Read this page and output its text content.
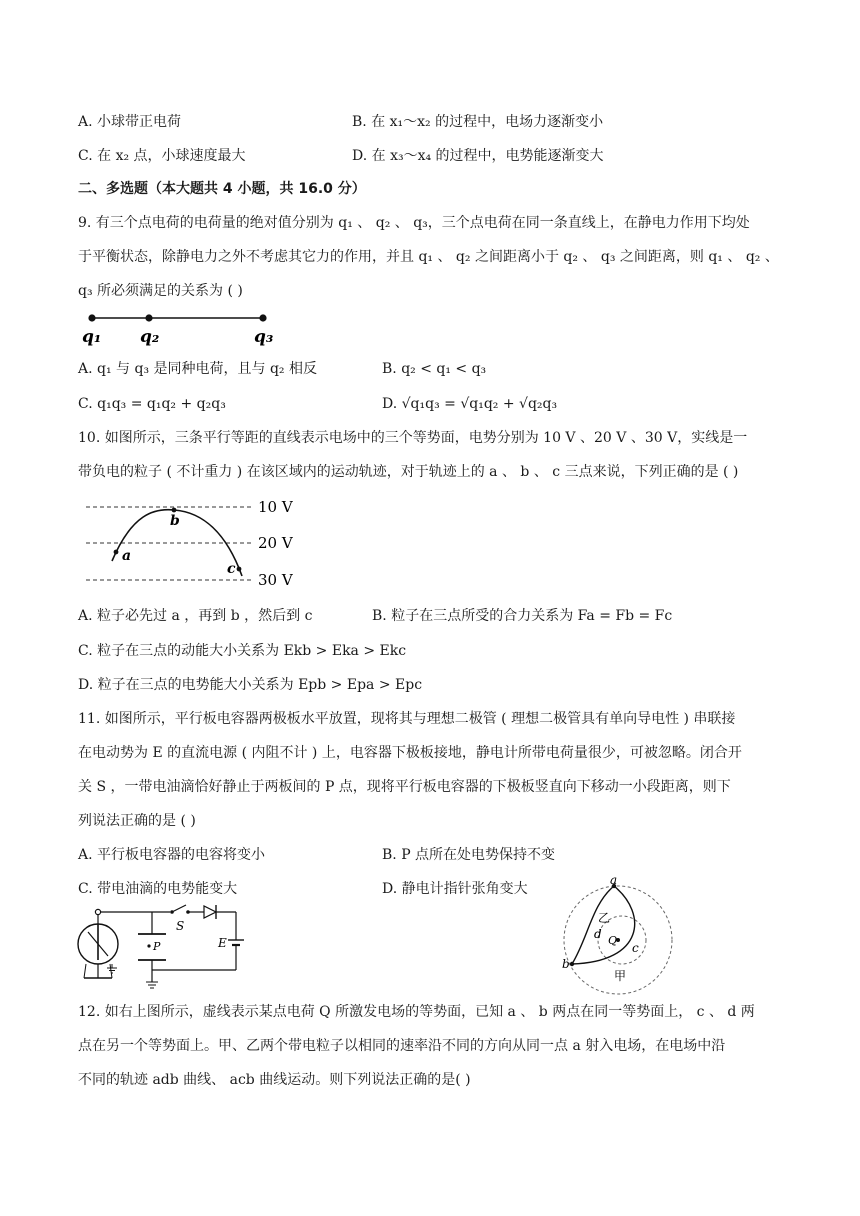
A. 小球带正电荷	B. 在 x₁～x₂ 的过程中，电场力逐渐变小
C. 在 x₂ 点，小球速度最大	D. 在 x₃～x₄ 的过程中，电势能逐渐变大
二、多选题（本大题共 4 小题，共 16.0 分）
9. 有三个点电荷的电荷量的绝对值分别为 q₁ 、 q₂ 、 q₃，三个点电荷在同一条直线上，在静电力作用下均处
于平衡状态，除静电力之外不考虑其它力的作用，并且 q₁ 、 q₂ 之间距离小于 q₂ 、 q₃ 之间距离，则 q₁ 、 q₂ 、
q₃ 所必须满足的关系为 ( )
q₁ q₂	q₃
A. q₁ 与 q₃ 是同种电荷，且与 q₂ 相反	B. q₂ < q₁ < q₃
C. q₁q₃ = q₁q₂ + q₂q₃	D. √q₁q₃ = √q₁q₂ + √q₂q₃
10. 如图所示，三条平行等距的直线表示电场中的三个等势面，电势分别为 10 V 、20 V 、30 V，实线是一
带负电的粒子 ( 不计重力 ) 在该区域内的运动轨迹，对于轨迹上的 a 、 b 、 c 三点来说，下列正确的是 ( )
a
b
c
10 V
20 V
30 V
A. 粒子必先过 a ，再到 b ，然后到 c	B. 粒子在三点所受的合力关系为 Fa = Fb = Fc
C. 粒子在三点的动能大小关系为 Ekb > Eka > Ekc
D. 粒子在三点的电势能大小关系为 Epb > Epa > Epc
11. 如图所示，平行板电容器两极板水平放置，现将其与理想二极管 ( 理想二极管具有单向导电性 ) 串联接
在电动势为 E 的直流电源 ( 内阻不计 ) 上，电容器下极板接地，静电计所带电荷量很少，可被忽略。闭合开
关 S ，一带电油滴恰好静止于两板间的 P 点，现将平行板电容器的下极板竖直向下移动一小段距离，则下
列说法正确的是 ( )
A. 平行板电容器的电容将变小	B. P 点所在处电势保持不变
C. 带电油滴的电势能变大	D. 静电计指针张角变大
S
E
P
a
b
c
d Q
乙
甲
12. 如右上图所示，虚线表示某点电荷 Q 所激发电场的等势面，已知 a 、 b 两点在同一等势面上， c 、 d 两
点在另一个等势面上。甲、乙两个带电粒子以相同的速率沿不同的方向从同一点 a 射入电场，在电场中沿
不同的轨迹 adb 曲线、 acb 曲线运动。则下列说法正确的是( )
